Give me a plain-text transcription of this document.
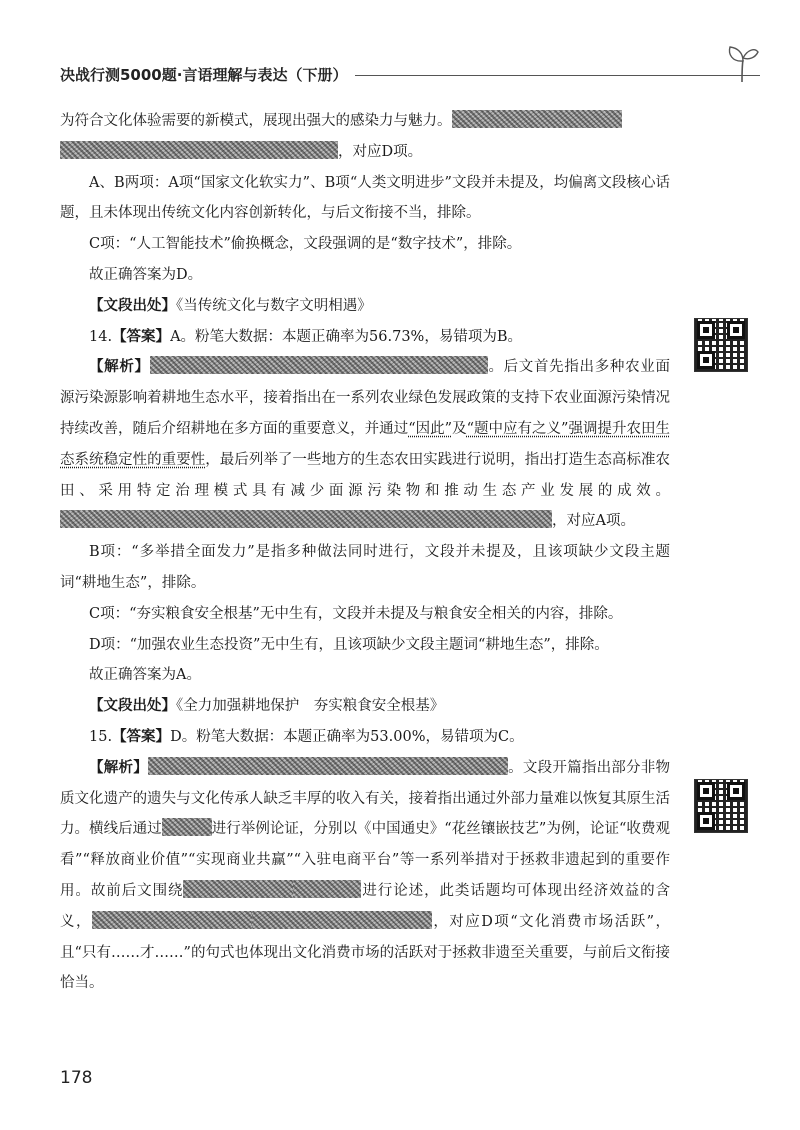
决战行测5000题·言语理解与表达（下册）

为符合文化体验需要的新模式，展现出强大的感染力与魅力。

，对应D项。

A、B两项：A项“国家文化软实力”、B项“人类文明进步”文段并未提及，均偏离文段核心话题，且未体现出传统文化内容创新转化，与后文衔接不当，排除。

C项：“人工智能技术”偷换概念，文段强调的是“数字技术”，排除。

故正确答案为D。

【文段出处】《当传统文化与数字文明相遇》

14.【答案】A。粉笔大数据：本题正确率为56.73%，易错项为B。

【解析】	。后文首先指出多种农业面源污染源影响着耕地生态水平，接着指出在一系列农业绿色发展政策的支持下农业面源污染情况持续改善，随后介绍耕地在多方面的重要意义，并通过“因此”及“题中应有之义”强调提升农田生态系统稳定性的重要性，最后列举了一些地方的生态农田实践进行说明，指出打造生态高标准农田、采用特定治理模式具有减少面源污染物和推动生态产业发展的成效。，对应A项。

B项：“多举措全面发力”是指多种做法同时进行，文段并未提及，且该项缺少文段主题词“耕地生态”，排除。

C项：“夯实粮食安全根基”无中生有，文段并未提及与粮食安全相关的内容，排除。

D项：“加强农业生态投资”无中生有，且该项缺少文段主题词“耕地生态”，排除。

故正确答案为A。

【文段出处】《全力加强耕地保护　夯实粮食安全根基》

15.【答案】D。粉笔大数据：本题正确率为53.00%，易错项为C。

【解析】	。文段开篇指出部分非物质文化遗产的遗失与文化传承人缺乏丰厚的收入有关，接着指出通过外部力量难以恢复其原生活力。横线后通过	进行举例论证，分别以《中国通史》“花丝镶嵌技艺”为例，论证“收费观看”“释放商业价值”“实现商业共赢”“入驻电商平台”等一系列举措对于拯救非遗起到的重要作用。故前后文围绕	进行论述，此类话题均可体现出经济效益的含义，	，对应D项“文化消费市场活跃”，且“只有……才……”的句式也体现出文化消费市场的活跃对于拯救非遗至关重要，与前后文衔接恰当。

178
